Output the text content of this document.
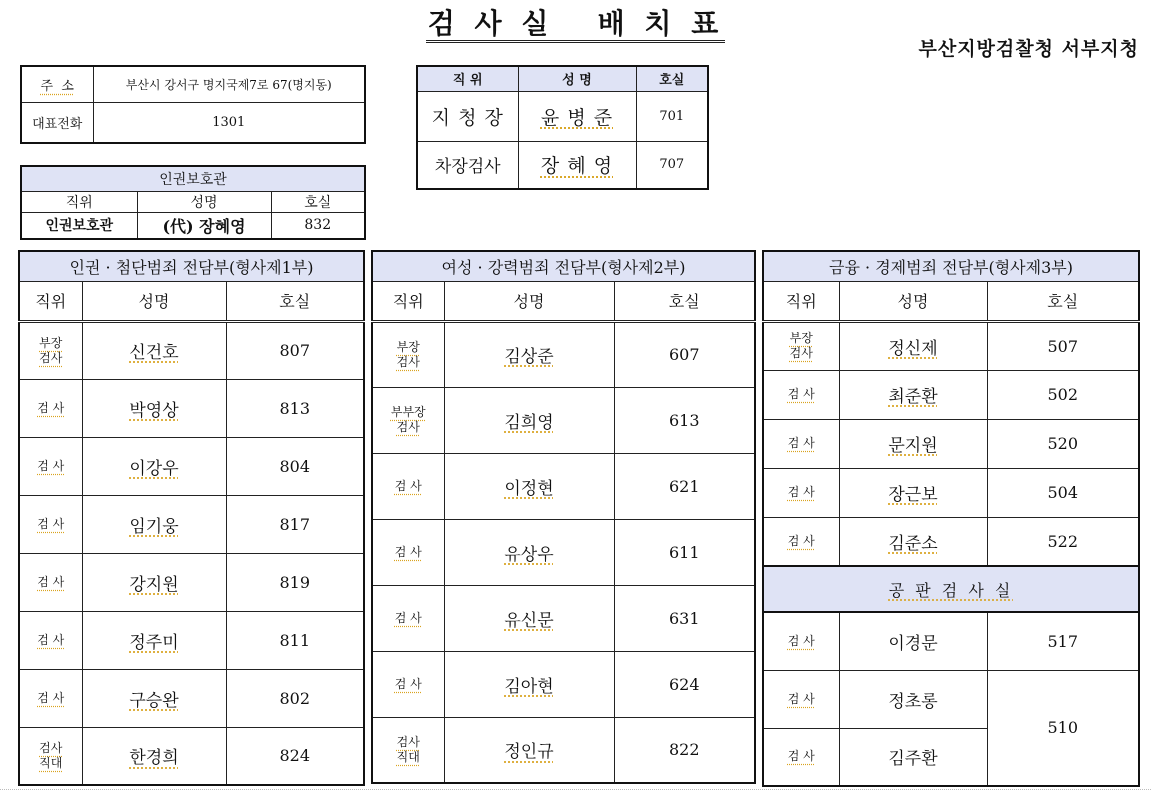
검 사 실   배 치 표
부산지방검찰청 서부지청
주  소	부산시 강서구 명지국제7로 67(명지동)
대표전화	1301
직 위	성 명	호실
지 청 장	윤 병 준	701
차장검사	장 혜 영	707
인권보호관		
직위	성명	호실
인권보호관	(代) 장혜영	832
인권 · 첨단범죄 전담부(형사제1부)		
직위	성명	호실
부장
검사	신건호	807
검 사	박영상	813
검 사	이강우	804
검 사	임기웅	817
검 사	강지원	819
검 사	정주미	811
검 사	구승완	802
검사
직대	한경희	824
여성 · 강력범죄 전담부(형사제2부)		
직위	성명	호실
부장
검사	김상준	607
부부장
검사	김희영	613
검 사	이정현	621
검 사	유상우	611
검 사	유신문	631
검 사	김아현	624
검사
직대	정인규	822
금융 · 경제범죄 전담부(형사제3부)		
직위	성명	호실
부장
검사	정신제	507
검 사	최준환	502
검 사	문지원	520
검 사	장근보	504
검 사	김준소	522
공 판 검 사 실		
검 사	이경문	517
검 사	정초롱	510
검 사	김주환	
